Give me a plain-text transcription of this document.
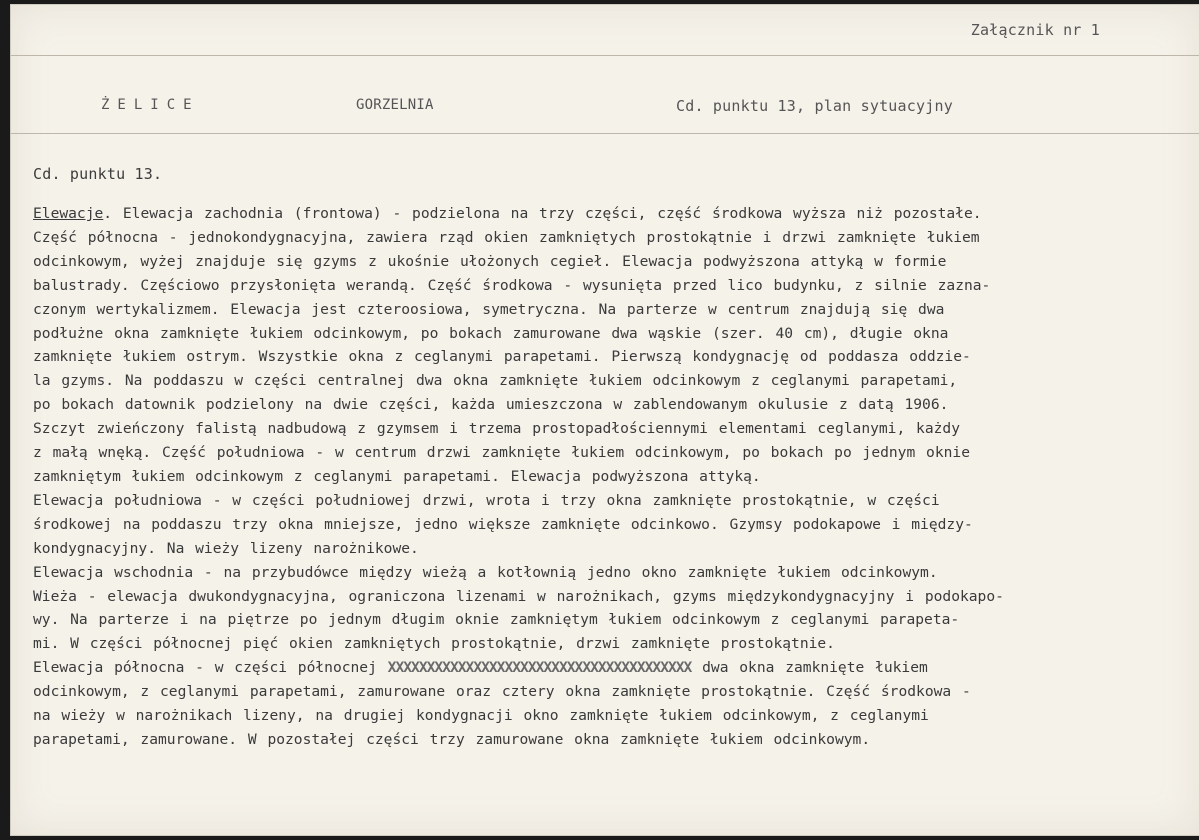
Załącznik nr 1
ŻELICE	GORZELNIA	Cd. punktu 13, plan sytuacyjny
Cd. punktu 13.
Elewacje. Elewacja zachodnia (frontowa) - podzielona na trzy części, część środkowa wyższa niż pozostałe.
Część północna - jednokondygnacyjna, zawiera rząd okien zamkniętych prostokątnie i drzwi zamknięte łukiem
odcinkowym, wyżej znajduje się gzyms z ukośnie ułożonych cegieł. Elewacja podwyższona attyką w formie
balustrady. Częściowo przysłonięta werandą. Część środkowa - wysunięta przed lico budynku, z silnie zazna-
czonym wertykalizmem. Elewacja jest czteroosiowa, symetryczna. Na parterze w centrum znajdują się dwa
podłużne okna zamknięte łukiem odcinkowym, po bokach zamurowane dwa wąskie (szer. 40 cm), długie okna
zamknięte łukiem ostrym. Wszystkie okna z ceglanymi parapetami. Pierwszą kondygnację od poddasza oddzie-
la gzyms. Na poddaszu w części centralnej dwa okna zamknięte łukiem odcinkowym z ceglanymi parapetami,
po bokach datownik podzielony na dwie części, każda umieszczona w zablendowanym okulusie z datą 1906.
Szczyt zwieńczony falistą nadbudową z gzymsem i trzema prostopadłościennymi elementami ceglanymi, każdy
z małą wnęką. Część południowa - w centrum drzwi zamknięte łukiem odcinkowym, po bokach po jednym oknie
zamkniętym łukiem odcinkowym z ceglanymi parapetami. Elewacja podwyższona attyką.
Elewacja południowa - w części południowej drzwi, wrota i trzy okna zamknięte prostokątnie, w części
środkowej na poddaszu trzy okna mniejsze, jedno większe zamknięte odcinkowo. Gzymsy podokapowe i między-
kondygnacyjny. Na wieży lizeny narożnikowe.
Elewacja wschodnia - na przybudówce między wieżą a kotłownią jedno okno zamknięte łukiem odcinkowym.
Wieża - elewacja dwukondygnacyjna, ograniczona lizenami w narożnikach, gzyms międzykondygnacyjny i podokapo-
wy. Na parterze i na piętrze po jednym długim oknie zamkniętym łukiem odcinkowym z ceglanymi parapeta-
mi. W części północnej pięć okien zamkniętych prostokątnie, drzwi zamknięte prostokątnie.
Elewacja północna - w części północnej XXXXXXXXXXXXXXXXXXXXXXXXXXXXXXXXXXXXXXX dwa okna zamknięte łukiem
odcinkowym, z ceglanymi parapetami, zamurowane oraz cztery okna zamknięte prostokątnie. Część środkowa -
na wieży w narożnikach lizeny, na drugiej kondygnacji okno zamknięte łukiem odcinkowym, z ceglanymi
parapetami, zamurowane. W pozostałej części trzy zamurowane okna zamknięte łukiem odcinkowym.
